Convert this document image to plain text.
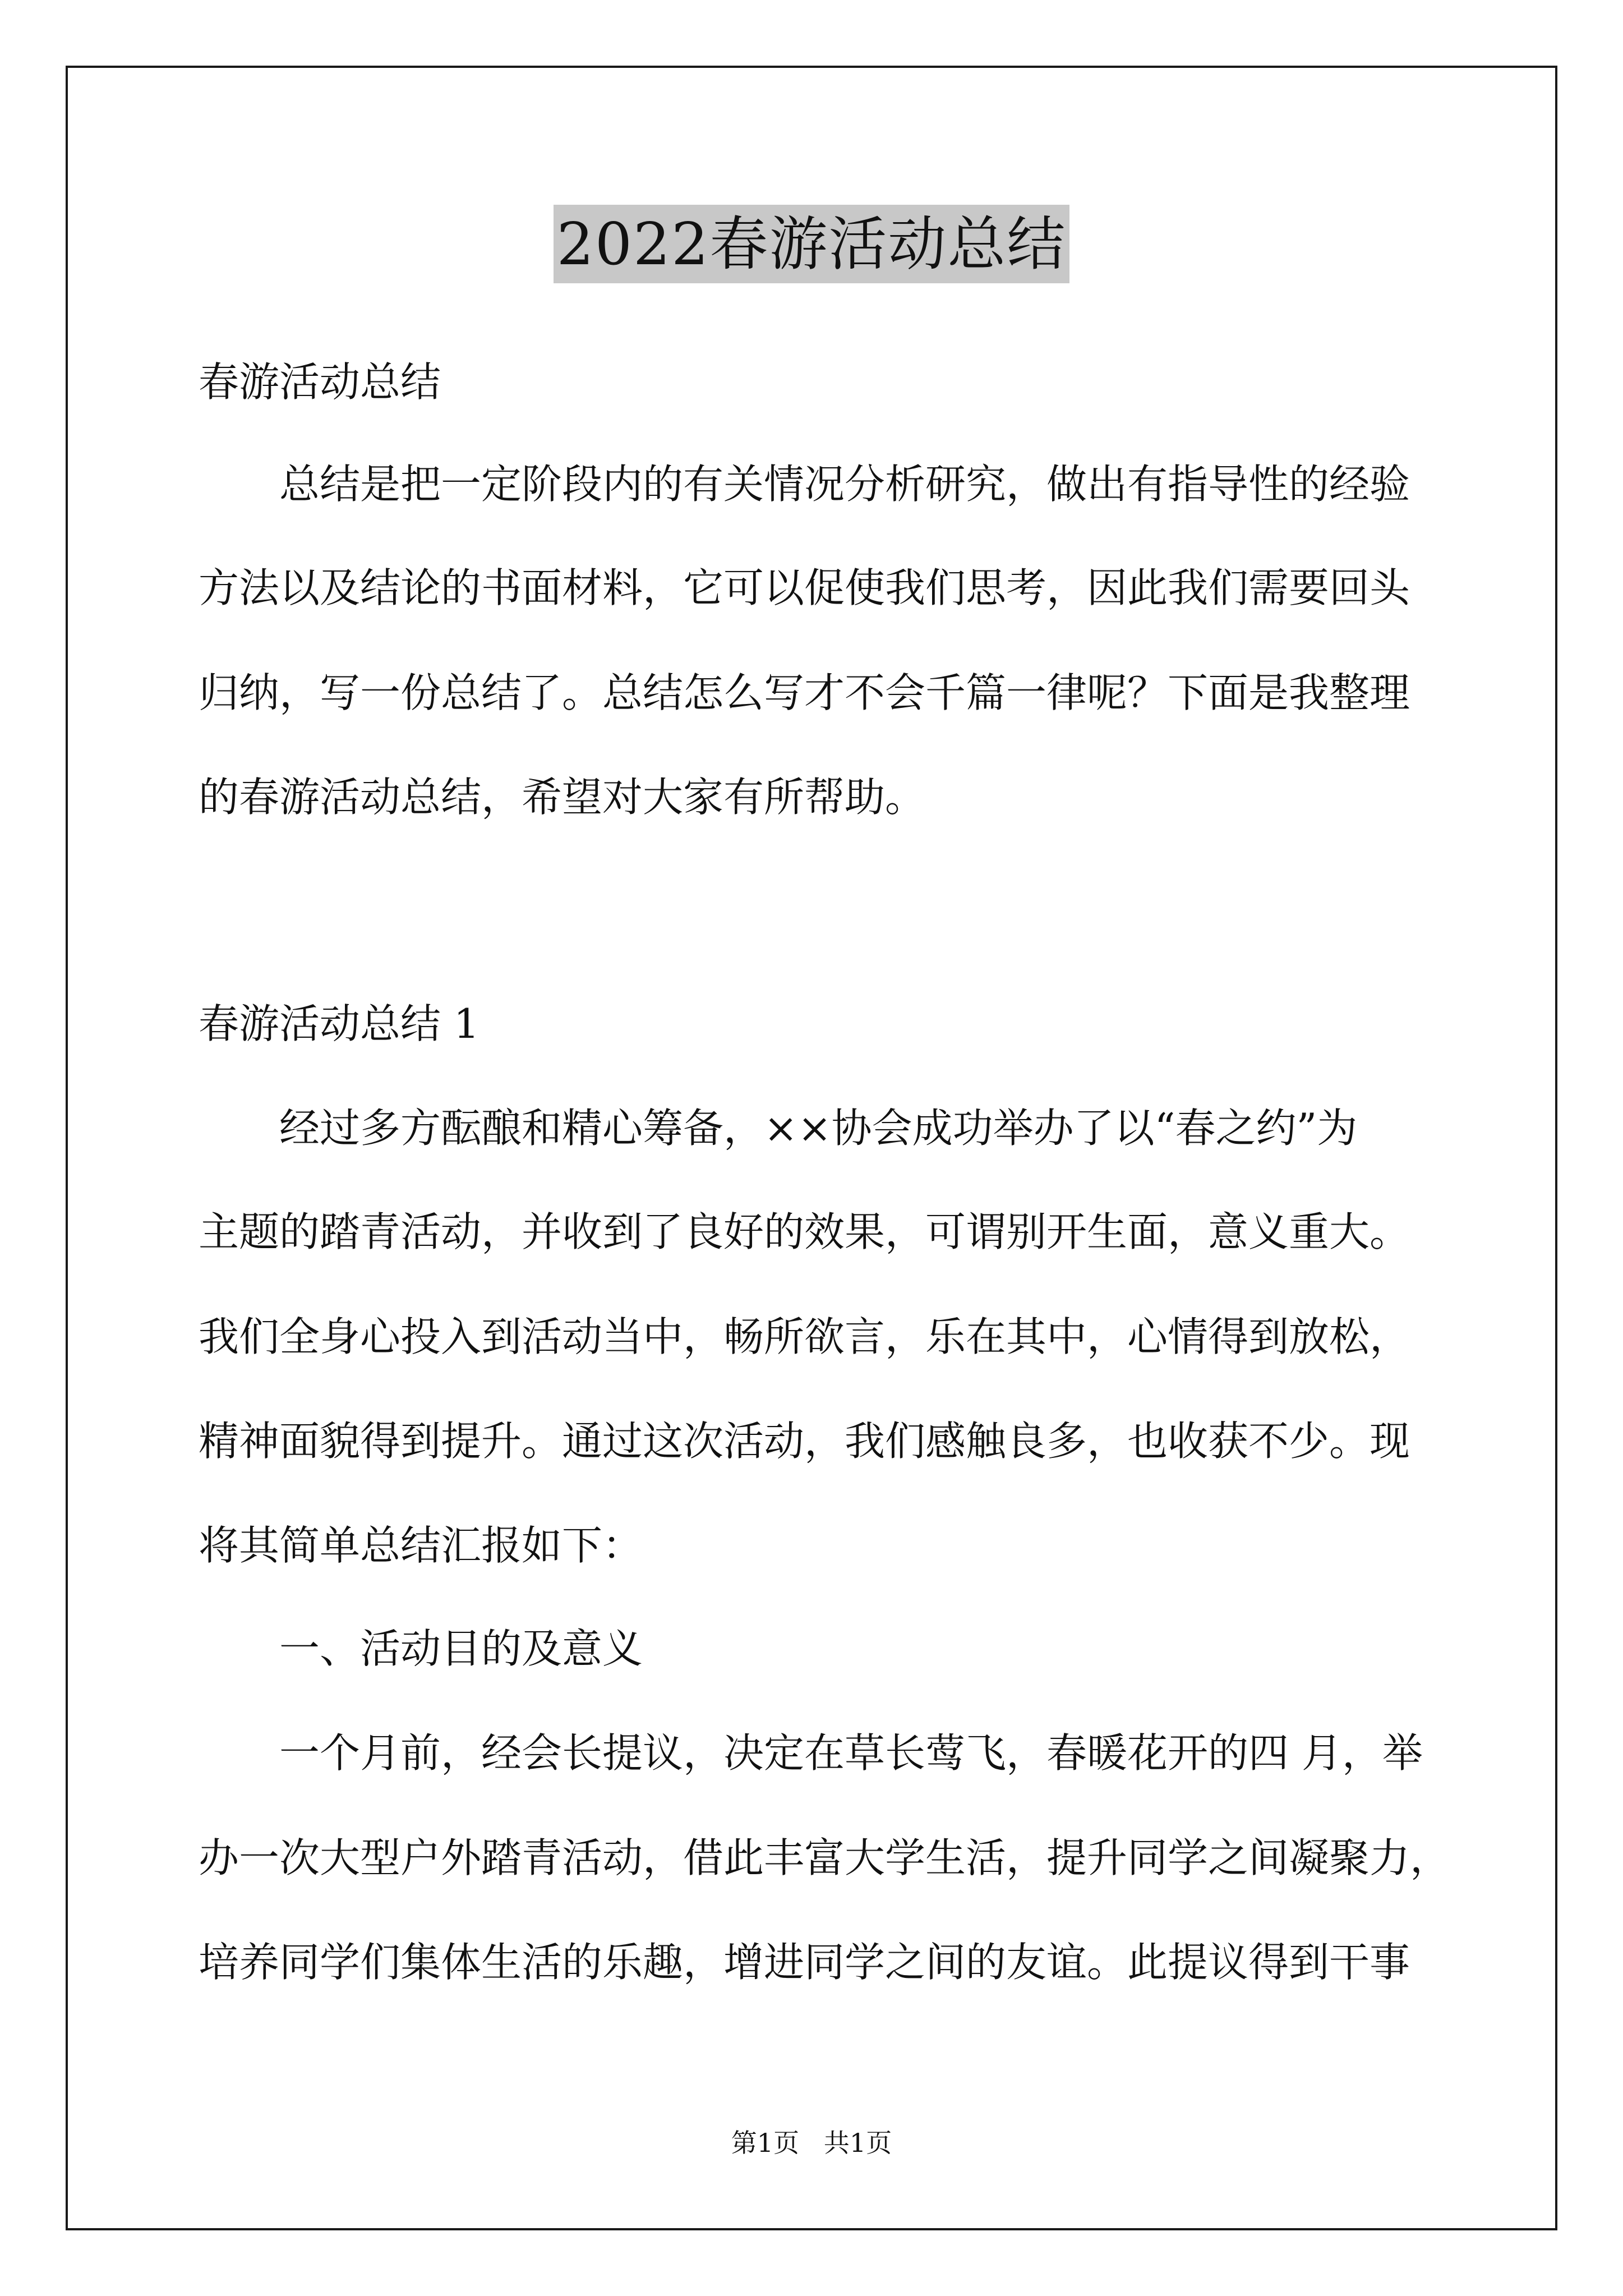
2022春游活动总结
春游活动总结
总结是把一定阶段内的有关情况分析研究，做出有指导性的经验
方法以及结论的书面材料，它可以促使我们思考，因此我们需要回头
归纳，写一份总结了。总结怎么写才不会千篇一律呢？下面是我整理
的春游活动总结，希望对大家有所帮助。
春游活动总结 1
经过多方酝酿和精心筹备，××协会成功举办了以“春之约”为
主题的踏青活动，并收到了良好的效果，可谓别开生面，意义重大。
我们全身心投入到活动当中，畅所欲言，乐在其中，心情得到放松，
精神面貌得到提升。通过这次活动，我们感触良多，也收获不少。现
将其简单总结汇报如下：
一、活动目的及意义
一个月前，经会长提议，决定在草长莺飞，春暖花开的四 月，举
办一次大型户外踏青活动，借此丰富大学生活，提升同学之间凝聚力，
培养同学们集体生活的乐趣，增进同学之间的友谊。此提议得到干事
第1页   共1页
